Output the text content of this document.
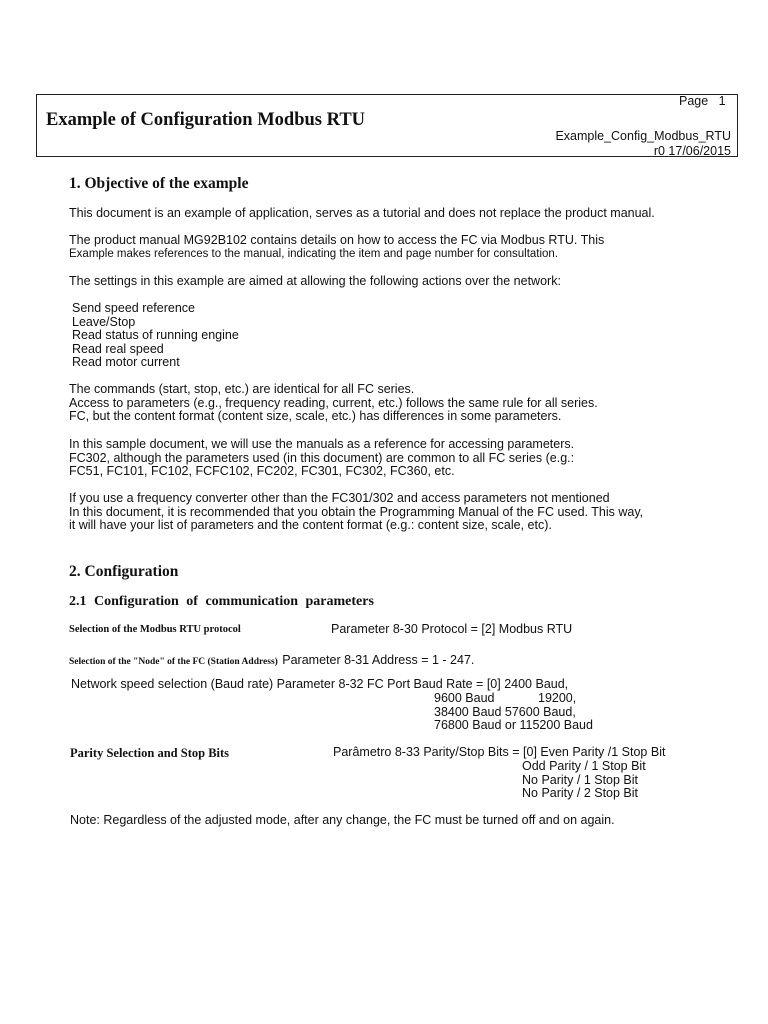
Page 1
Example of Configuration Modbus RTU
Example_Config_Modbus_RTU
r0 17/06/2015
1. Objective of the example
This document is an example of application, serves as a tutorial and does not replace the product manual.
The product manual MG92B102 contains details on how to access the FC via Modbus RTU. This
Example makes references to the manual, indicating the item and page number for consultation.
The settings in this example are aimed at allowing the following actions over the network:
Send speed reference
Leave/Stop
Read status of running engine
Read real speed
Read motor current
The commands (start, stop, etc.) are identical for all FC series.
Access to parameters (e.g., frequency reading, current, etc.) follows the same rule for all series.
FC, but the content format (content size, scale, etc.) has differences in some parameters.
In this sample document, we will use the manuals as a reference for accessing parameters.
FC302, although the parameters used (in this document) are common to all FC series (e.g.:
FC51, FC101, FC102, FCFC102, FC202, FC301, FC302, FC360, etc.
If you use a frequency converter other than the FC301/302 and access parameters not mentioned
In this document, it is recommended that you obtain the Programming Manual of the FC used. This way,
it will have your list of parameters and the content format (e.g.: content size, scale, etc).
2. Configuration
2.1 Configuration of communication parameters
Selection of the Modbus RTU protocol	Parameter 8-30 Protocol = [2] Modbus RTU
Selection of the "Node" of the FC (Station Address) Parameter 8-31 Address = 1 - 247.
Network speed selection (Baud rate) Parameter 8-32 FC Port Baud Rate = [0] 2400 Baud,
9600 Baud	19200,
38400 Baud 57600 Baud,
76800 Baud or 115200 Baud
Parity Selection and Stop Bits	Parâmetro 8-33 Parity/Stop Bits = [0] Even Parity /1 Stop Bit
Odd Parity / 1 Stop Bit
No Parity / 1 Stop Bit
No Parity / 2 Stop Bit
Note: Regardless of the adjusted mode, after any change, the FC must be turned off and on again.
